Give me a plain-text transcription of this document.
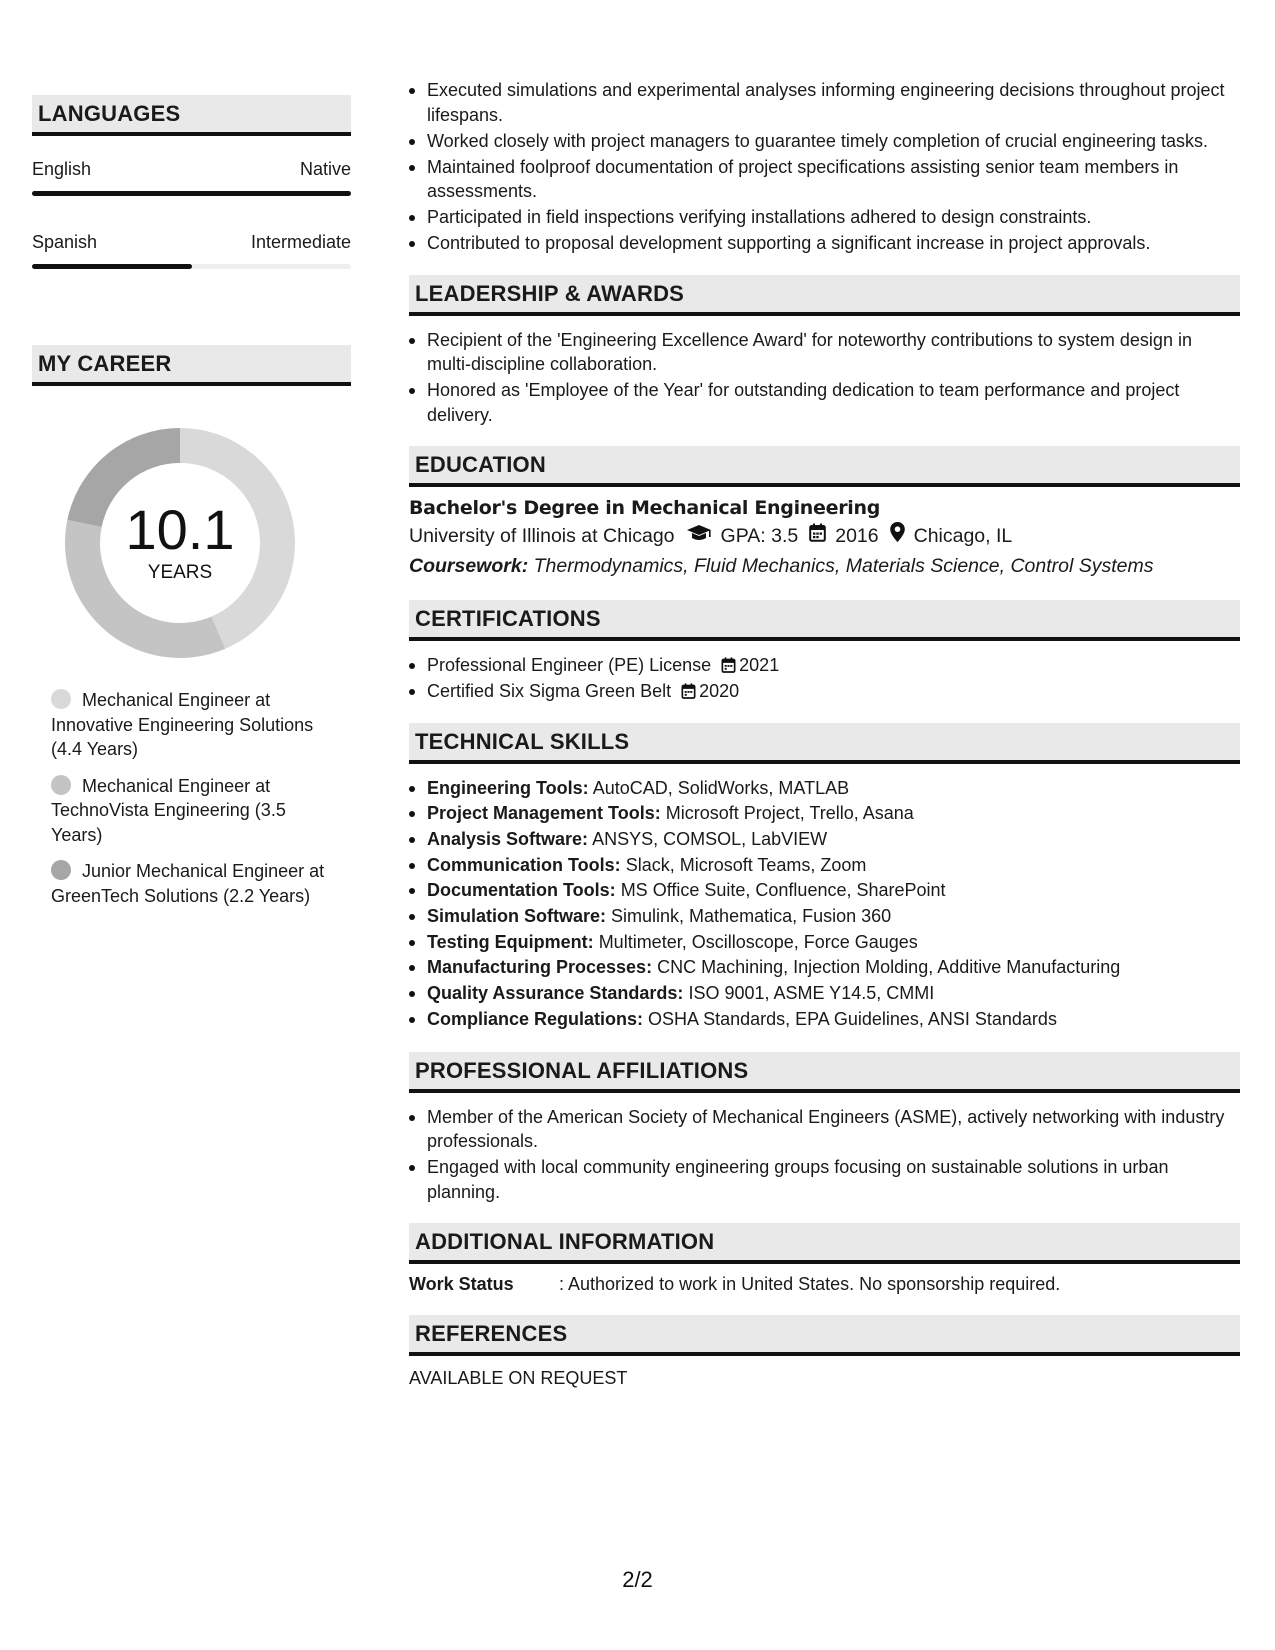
LANGUAGES
English	Native
Spanish	Intermediate
MY CAREER
10.1
YEARS
Mechanical Engineer at Innovative Engineering Solutions (4.4 Years)
Mechanical Engineer at TechnoVista Engineering (3.5 Years)
Junior Mechanical Engineer at GreenTech Solutions (2.2 Years)
Executed simulations and experimental analyses informing engineering decisions throughout project lifespans.
Worked closely with project managers to guarantee timely completion of crucial engineering tasks.
Maintained foolproof documentation of project specifications assisting senior team members in assessments.
Participated in field inspections verifying installations adhered to design constraints.
Contributed to proposal development supporting a significant increase in project approvals.
LEADERSHIP & AWARDS
Recipient of the 'Engineering Excellence Award' for noteworthy contributions to system design in multi-discipline collaboration.
Honored as 'Employee of the Year' for outstanding dedication to team performance and project delivery.
EDUCATION
Bachelor's Degree in Mechanical Engineering
University of Illinois at Chicago GPA: 3.5 2016 Chicago, IL
Coursework: Thermodynamics, Fluid Mechanics, Materials Science, Control Systems
CERTIFICATIONS
Professional Engineer (PE) License 2021
Certified Six Sigma Green Belt 2020
TECHNICAL SKILLS
Engineering Tools: AutoCAD, SolidWorks, MATLAB
Project Management Tools: Microsoft Project, Trello, Asana
Analysis Software: ANSYS, COMSOL, LabVIEW
Communication Tools: Slack, Microsoft Teams, Zoom
Documentation Tools: MS Office Suite, Confluence, SharePoint
Simulation Software: Simulink, Mathematica, Fusion 360
Testing Equipment: Multimeter, Oscilloscope, Force Gauges
Manufacturing Processes: CNC Machining, Injection Molding, Additive Manufacturing
Quality Assurance Standards: ISO 9001, ASME Y14.5, CMMI
Compliance Regulations: OSHA Standards, EPA Guidelines, ANSI Standards
PROFESSIONAL AFFILIATIONS
Member of the American Society of Mechanical Engineers (ASME), actively networking with industry professionals.
Engaged with local community engineering groups focusing on sustainable solutions in urban planning.
ADDITIONAL INFORMATION
Work Status	: Authorized to work in United States. No sponsorship required.
REFERENCES
AVAILABLE ON REQUEST
2/2
